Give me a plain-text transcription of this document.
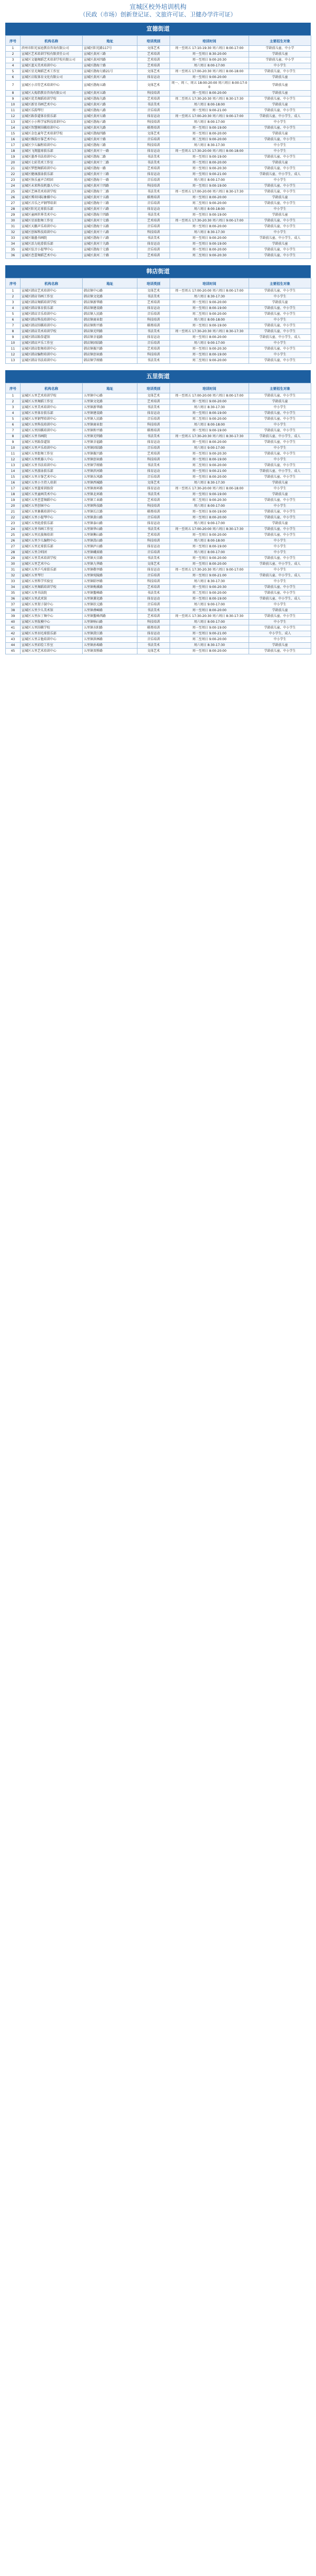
宣城区校外培训机构
（民政（市场）创新登记证、文旅许可证、卫健办学许可证）
宣德街道
序号	机构名称	地址	培训类别	培训时间	主要招生对象
1	滨州市阳光家庭教育咨询有限公司	宣城区阳光路117号	文体艺术	周一至周五 17:10-19:30 周六周日 8:00-17:00	学龄前儿童、中小学
2	宣城区艺术培训学校有限责任公司	宣城区黄河三路	艺术培训	周一至周日 8:30-20:00	学龄前儿童
3	宣城区文德舞蹈艺术培训学校有限公司	宣城区黄河四路	艺术培训	周一至周日 9:00-20:30	学龄前儿童、中小学
4	宣城区蓝天美术培训中心	宣城区渤海十路	艺术培训	周六周日 8:00-17:00	中小学生
5	宣城区星光舞蹈艺术工作室	宣城区渤海七路21号	文体艺术	周一至周五 17:00-20:30 周六周日 8:00-18:00	学龄前儿童、中小学生
6	宣城区启航体育文化有限公司	宣城区黄河八路	体育运动	周一至周日 9:00-20:00	学龄前儿童
7	宣城区小音符艺术培训中心	宣城区渤海五路	文体艺术	周一、周三、周五 18:00-20:00 周六周日 8:00-17:00	学龄前儿童
8	宣城区大拇指教育咨询有限公司	宣城区黄河五路	科技培训	周一至周日 8:00-20:00	学龄前儿童
9	宣城区优美舞蹈培训学校	宣城区渤海九路	艺术培训	周二至周五 17:30-20:30 周六周日 8:30-17:30	学龄前儿童、中小学生
10	宣城区新星书画艺术中心	宣城区黄河六路	书法美术	周六周日 8:00-18:00	学龄前儿童
11	宣城区乐韵琴行	宣城区渤海八路	音乐培训	周一至周日 9:00-21:00	学龄前儿童、中小学生
12	宣城区跆拳道体育俱乐部	宣城区黄河七路	体育运动	周一至周五 17:00-20:30 周六周日 9:00-17:00	学龄前儿童、中小学生、成人
13	宣城区小小科学家科技培训中心	宣城区渤海六路	科技培训	周六周日 8:00-17:00	中小学生
14	宣城区智慧树围棋培训中心	宣城区黄河九路	棋类培训	周一至周日 9:00-19:00	学龄前儿童、中小学生
15	宣城区金色童年艺术培训学校	宣城区渤海四路	文体艺术	周一至周日 8:00-20:00	学龄前儿童
16	宣城区雅韵古筝艺术中心	宣城区黄河十路	音乐培训	周二至周日 9:00-20:00	学龄前儿童、中小学生
17	宣城区少儿编程培训中心	宣城区渤海三路	科技培训	周六周日 8:30-17:30	中小学生
18	宣城区飞翔篮球俱乐部	宣城区黄河十一路	体育运动	周一至周五 17:30-20:00 周六周日 8:00-18:00	中小学生
19	宣城区墨香书法培训中心	宣城区渤海二路	书法美术	周一至周日 9:00-19:00	学龄前儿童、中小学生
20	宣城区七彩美术工作室	宣城区黄河十二路	书法美术	周一至周日 8:00-20:00	学龄前儿童
21	宣城区梦想舞蹈培训中心	宣城区渤海一路	艺术培训	周一至周日 9:00-20:30	学龄前儿童、中小学生
22	宣城区健康游泳俱乐部	宣城区黄河十三路	体育运动	周一至周日 9:00-21:00	学龄前儿童、中小学生、成人
23	宣城区快乐童声合唱团	宣城区渤海十一路	音乐培训	周六周日 8:00-17:00	中小学生
24	宣城区未来科技机器人中心	宣城区黄河十四路	科技培训	周一至周日 9:00-19:00	学龄前儿童、中小学生
25	宣城区艺林美术培训学校	宣城区渤海十二路	书法美术	周一至周五 17:00-20:00 周六周日 8:30-17:30	学龄前儿童、中小学生
26	宣城区博弈国际象棋中心	宣城区黄河十五路	棋类培训	周一至周日 8:00-20:00	学龄前儿童
27	宣城区音乐之声钢琴培训	宣城区渤海十三路	音乐培训	周二至周日 9:00-20:00	学龄前儿童、中小学生
28	宣城区阳光足球俱乐部	宣城区黄河十六路	体育运动	周六周日 8:00-18:00	中小学生
29	宣城区童画世界美术中心	宣城区渤海十四路	书法美术	周一至周日 9:00-19:00	学龄前儿童
30	宣城区星辰街舞工作室	宣城区黄河十七路	艺术培训	周一至周五 17:30-20:30 周六周日 9:00-17:00	学龄前儿童、中小学生
31	宣城区天籁声乐培训中心	宣城区渤海十五路	音乐培训	周一至周日 8:00-20:00	学龄前儿童、中小学生
32	宣城区创客科技培训中心	宣城区黄河十八路	科技培训	周六周日 8:30-17:30	中小学生
33	宣城区翰墨书画院	宣城区渤海十六路	书法美术	周一至周日 9:00-20:00	学龄前儿童、中小学生、成人
34	宣城区活力轮滑俱乐部	宣城区黄河十九路	体育运动	周一至周日 9:00-19:00	学龄前儿童
35	宣城区弦音小提琴中心	宣城区渤海十七路	音乐培训	周一至周日 8:00-20:00	学龄前儿童、中小学生
36	宣城区芭蕾舞蹈艺术中心	宣城区黄河二十路	艺术培训	周二至周日 9:00-20:30	学龄前儿童、中小学生
韩店街道
序号	机构名称	地址	培训类别	培训时间	主要招生对象
1	宣城区韩店艺术培训中心	韩店镇中心路	文体艺术	周一至周五 17:00-20:00 周六周日 8:00-17:00	学龄前儿童、中小学生
2	宣城区韩店书画工作室	韩店镇文化路	书法美术	周六周日 8:30-17:30	中小学生
3	宣城区韩店舞蹈培训学校	韩店镇新华路	艺术培训	周一至周日 9:00-20:00	学龄前儿童
4	宣城区韩店体育俱乐部	韩店镇建设路	体育运动	周一至周日 8:00-19:00	学龄前儿童、中小学生
5	宣城区韩店音乐培训中心	韩店镇人民路	音乐培训	周二至周日 9:00-20:00	学龄前儿童、中小学生
6	宣城区韩店科技培训中心	韩店镇商业街	科技培训	周六周日 8:00-18:00	中小学生
7	宣城区韩店围棋培训中心	韩店镇和平路	棋类培训	周一至周日 9:00-19:00	学龄前儿童、中小学生
8	宣城区韩店美术培训学校	韩店镇光明路	书法美术	周一至周五 17:30-20:30 周六周日 8:30-17:30	学龄前儿童、中小学生
9	宣城区韩店跆拳道馆	韩店镇幸福路	体育运动	周一至周日 8:00-20:00	学龄前儿童、中小学生、成人
10	宣城区韩店声乐工作室	韩店镇团结路	音乐培训	周六周日 9:00-17:00	中小学生
11	宣城区韩店街舞培训中心	韩店镇振兴路	艺术培训	周一至周日 9:00-20:30	学龄前儿童、中小学生
12	宣城区韩店编程培训中心	韩店镇创业路	科技培训	周一至周日 8:00-19:00	中小学生
13	宣城区韩店书法培训中心	韩店镇学府路	书法美术	周二至周日 9:00-20:00	学龄前儿童、中小学生
五里街道
序号	机构名称	地址	培训类别	培训时间	主要招生对象
1	宣城区五里艺术培训学校	五里镇中心路	文体艺术	周一至周五 17:00-20:00 周六周日 8:00-17:00	学龄前儿童、中小学生
2	宣城区五里舞蹈工作室	五里镇文化路	艺术培训	周一至周日 9:00-20:00	学龄前儿童
3	宣城区五里美术培训中心	五里镇新华路	书法美术	周六周日 8:30-17:30	中小学生
4	宣城区五里体育俱乐部	五里镇建设路	体育运动	周一至周日 8:00-19:00	学龄前儿童、中小学生
5	宣城区五里钢琴培训中心	五里镇人民路	音乐培训	周二至周日 9:00-20:00	学龄前儿童、中小学生
6	宣城区五里科技培训中心	五里镇商业街	科技培训	周六周日 8:00-18:00	中小学生
7	宣城区五里围棋培训中心	五里镇和平路	棋类培训	周一至周日 9:00-19:00	学龄前儿童、中小学生
8	宣城区五里书画院	五里镇光明路	书法美术	周一至周五 17:30-20:30 周六周日 8:30-17:30	学龄前儿童、中小学生、成人
9	宣城区五里跆拳道馆	五里镇幸福路	体育运动	周一至周日 8:00-20:00	学龄前儿童、中小学生
10	宣城区五里声乐培训中心	五里镇团结路	音乐培训	周六周日 9:00-17:00	中小学生
11	宣城区五里街舞工作室	五里镇振兴路	艺术培训	周一至周日 9:00-20:30	学龄前儿童、中小学生
12	宣城区五里机器人中心	五里镇创业路	科技培训	周一至周日 8:00-19:00	中小学生
13	宣城区五里书法培训中心	五里镇学府路	书法美术	周二至周日 9:00-20:00	学龄前儿童、中小学生
14	宣城区五里游泳俱乐部	五里镇滨河路	体育运动	周一至周日 9:00-21:00	学龄前儿童、中小学生、成人
15	宣城区五里古筝艺术中心	五里镇东风路	音乐培训	周一至周日 8:00-20:00	学龄前儿童、中小学生
16	宣城区五里小主持人培训	五里镇西城路	文体艺术	周六周日 8:30-17:30	学龄前儿童
17	宣城区五里篮球训练营	五里镇南环路	体育运动	周一至周五 17:30-20:00 周六周日 8:00-18:00	中小学生
18	宣城区五里童画美术中心	五里镇北环路	书法美术	周一至周日 9:00-19:00	学龄前儿童
19	宣城区五里芭蕾舞蹈中心	五里镇工业路	艺术培训	周二至周日 9:00-20:30	学龄前儿童、中小学生
20	宣城区五里创客中心	五里镇科技路	科技培训	周六周日 8:00-17:00	中小学生
21	宣城区五里象棋培训中心	五里镇长江路	棋类培训	周一至周日 9:00-19:00	学龄前儿童、中小学生
22	宣城区五里小提琴中心	五里镇黄山路	音乐培训	周一至周日 8:00-20:00	学龄前儿童、中小学生
23	宣城区五里轮滑俱乐部	五里镇泰山路	体育运动	周六周日 9:00-17:00	学龄前儿童
24	宣城区五里书画工作室	五里镇华山路	书法美术	周一至周五 17:00-20:00 周六周日 8:30-17:30	学龄前儿童、中小学生
25	宣城区五里民族舞培训	五里镇衡山路	艺术培训	周一至周日 9:00-20:00	学龄前儿童、中小学生
26	宣城区五里少儿编程中心	五里镇嵩山路	科技培训	周六周日 8:00-18:00	中小学生
27	宣城区五里足球俱乐部	五里镇庐山路	体育运动	周一至周日 8:00-19:00	中小学生
28	宣城区五里合唱团	五里镇峨眉路	音乐培训	周六周日 8:00-17:00	中小学生
29	宣城区五里美术培训学校	五里镇天目路	书法美术	周一至周日 9:00-20:00	学龄前儿童、中小学生
30	宣城区五里艺术中心	五里镇九华路	文体艺术	周一至周日 8:00-20:00	学龄前儿童、中小学生、成人
31	宣城区五里乒乓球俱乐部	五里镇敬亭路	体育运动	周一至周五 17:30-20:30 周六周日 9:00-17:00	中小学生
32	宣城区五里琴行	五里镇宛陵路	音乐培训	周一至周日 9:00-21:00	学龄前儿童、中小学生、成人
33	宣城区五里科学实验室	五里镇昭亭路	科技培训	周六周日 8:30-17:30	中小学生
34	宣城区五里舞蹈培训学校	五里镇梅溪路	艺术培训	周一至周日 9:00-20:30	学龄前儿童、中小学生
35	宣城区五里书法院	五里镇鳌峰路	书法美术	周二至周日 9:00-20:00	学龄前儿童、中小学生
36	宣城区五里武术馆	五里镇薰化路	体育运动	周一至周日 8:00-19:00	学龄前儿童、中小学生、成人
37	宣城区五里架子鼓中心	五里镇状元路	音乐培训	周六周日 9:00-17:00	中小学生
38	宣城区五里少儿美术馆	五里镇叠嶂路	书法美术	周一至周日 8:00-20:00	学龄前儿童
39	宣城区五里拉丁舞中心	五里镇鳌峰西路	艺术培训	周一至周五 17:30-20:30 周六周日 8:30-17:30	学龄前儿童、中小学生
40	宣城区五里航模中心	五里镇响山路	科技培训	周六周日 8:00-17:00	中小学生
41	宣城区五里围棋学校	五里镇水阳路	棋类培训	周一至周日 9:00-19:00	学龄前儿童、中小学生
42	宣城区五里羽毛球俱乐部	五里镇澄江路	体育运动	周一至周日 9:00-21:00	中小学生、成人
43	宣城区五里吉他培训中心	五里镇洪林路	音乐培训	周二至周日 9:00-20:00	中小学生
44	宣城区五里彩绘工作室	五里镇孙埠路	书法美术	周六周日 8:30-17:30	学龄前儿童
45	宣城区五里艺术培训中心	五里镇双桥路	文体艺术	周一至周日 8:00-20:00	学龄前儿童、中小学生
